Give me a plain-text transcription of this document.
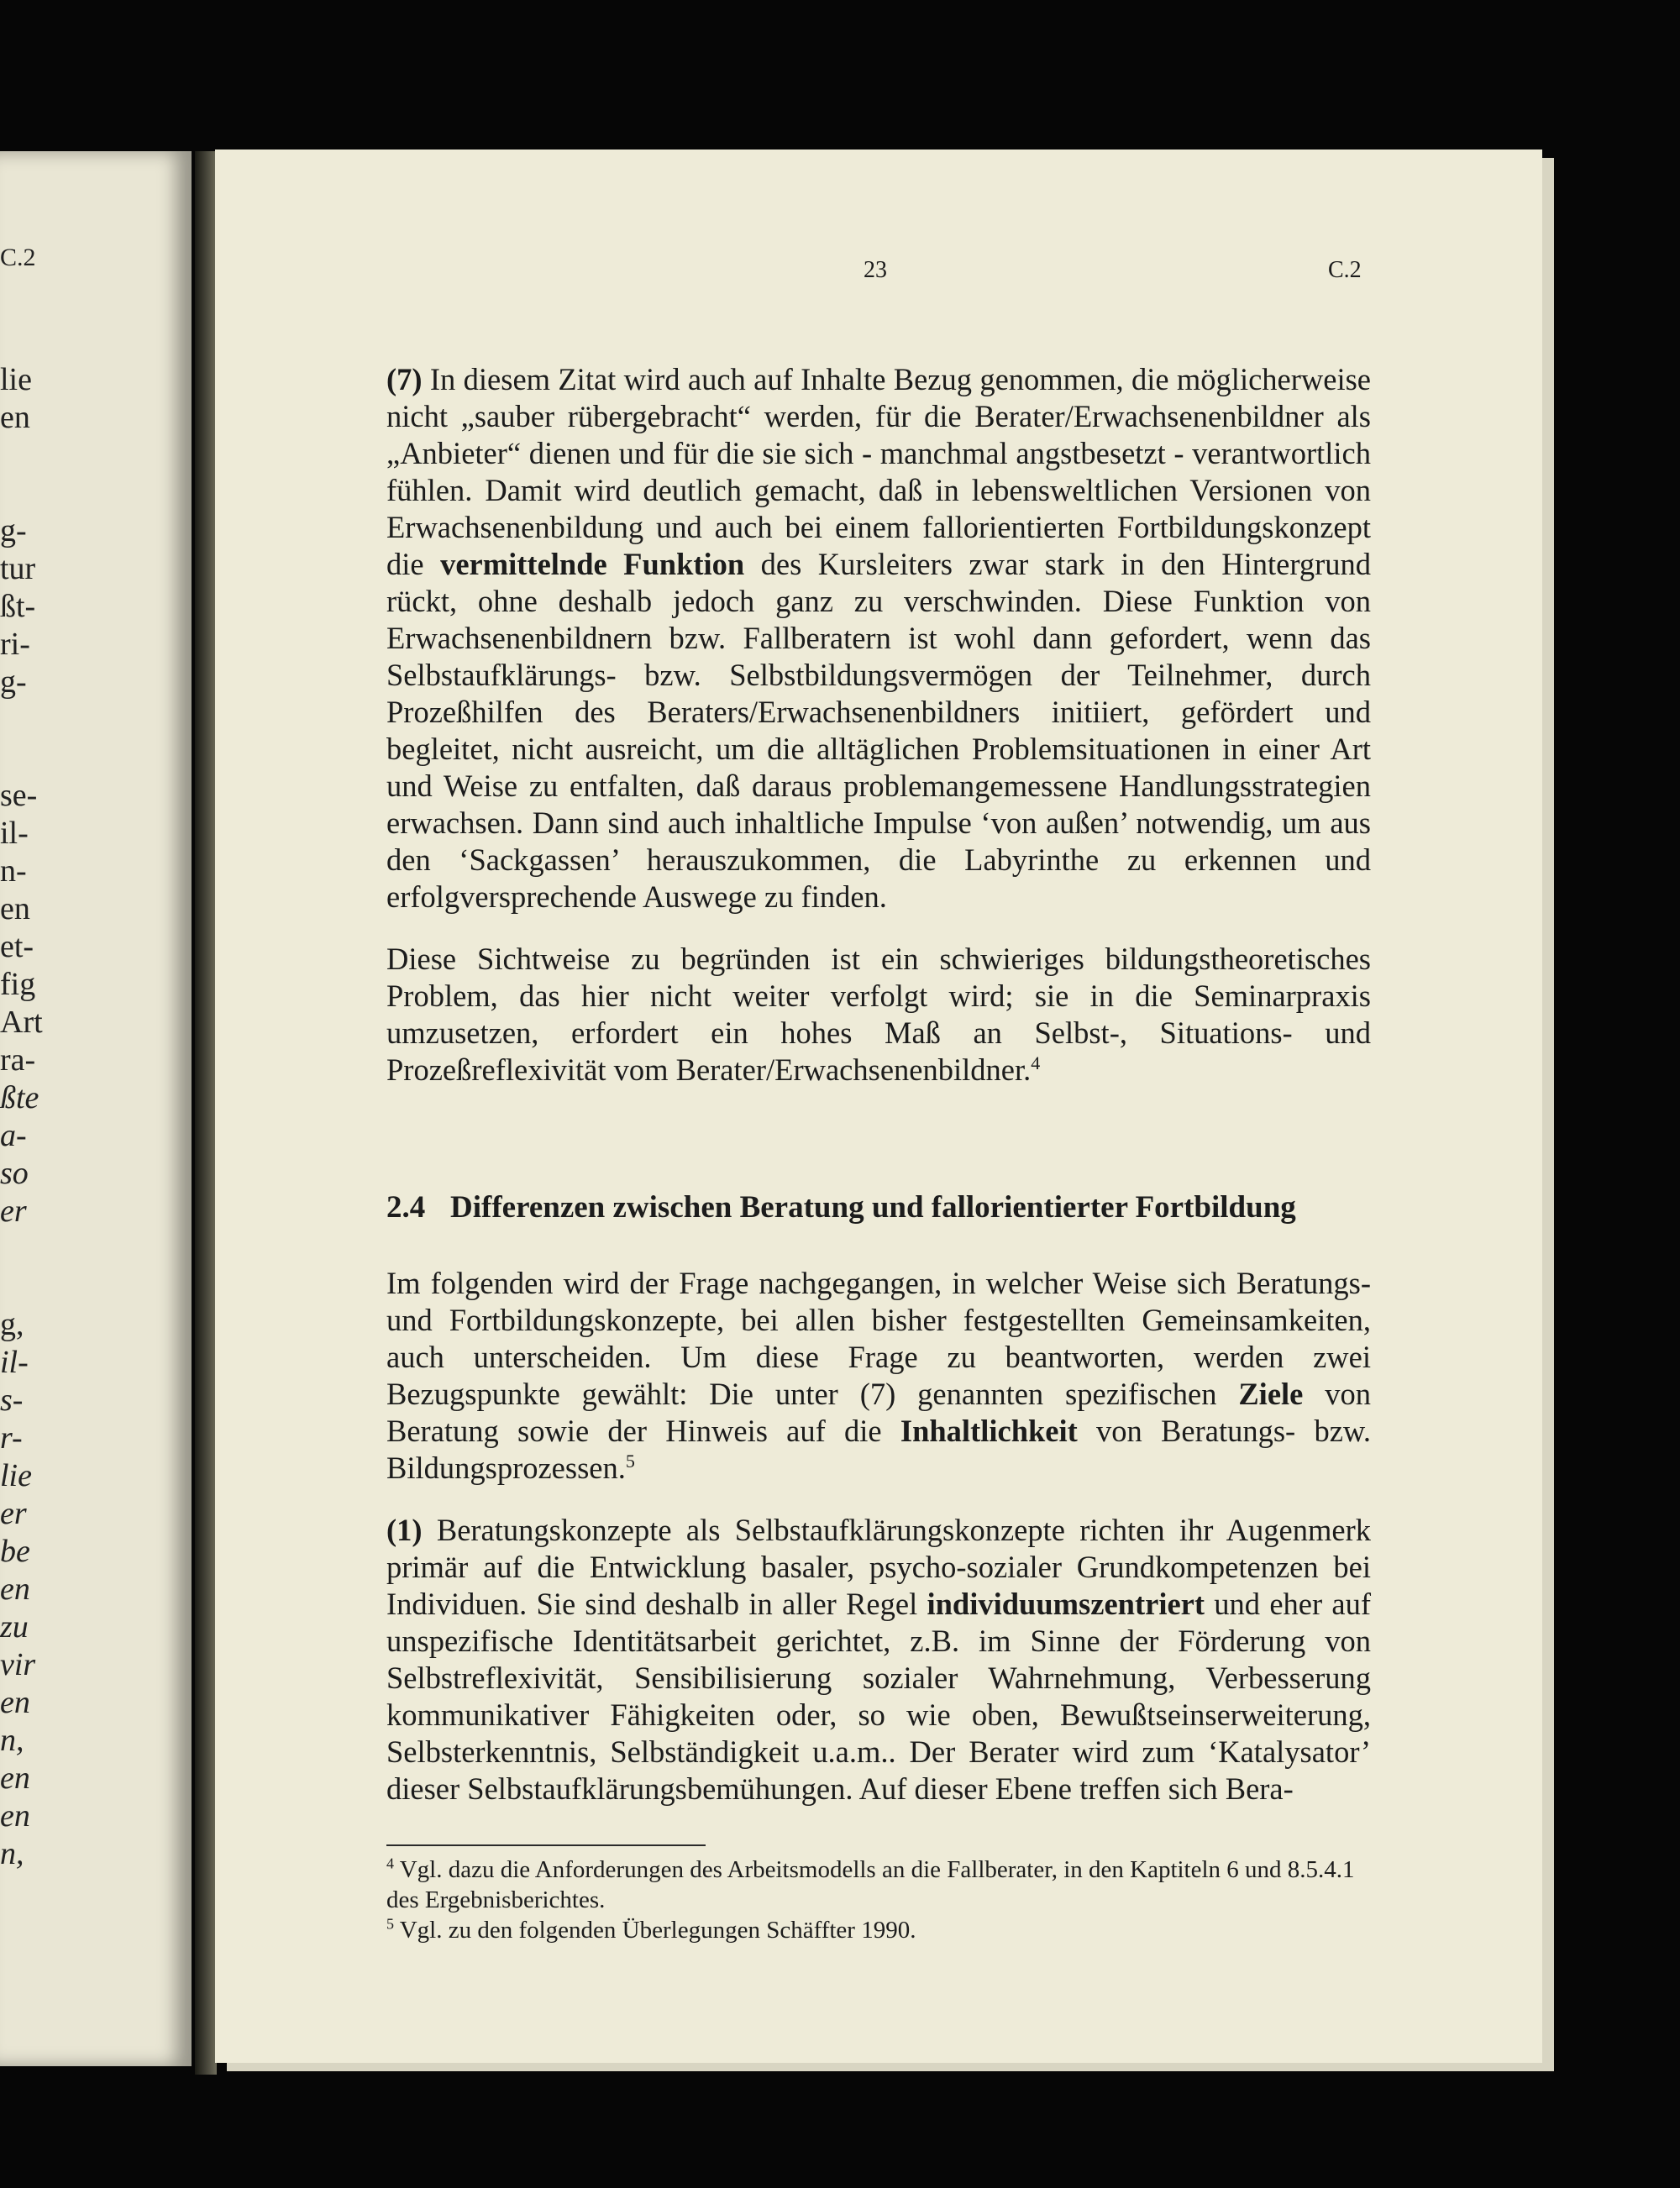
C.2
lie
en
g-
tur
ßt-
ri-
g-
se-
il-
n-
en
et-
fig
Art
ra-
ßte
a-
so
er
g,
il-
s-
r-
lie
er
be
en
zu
vir
en
n,
en
en
n,
23	C.2

(7) In diesem Zitat wird auch auf Inhalte Bezug genommen, die möglicherweise nicht „sauber rübergebracht“ werden, für die Berater/Erwachsenenbildner als „Anbieter“ dienen und für die sie sich - manchmal angstbesetzt - verantwortlich fühlen. Damit wird deutlich gemacht, daß in lebensweltlichen Versionen von Erwachsenenbildung und auch bei einem fallorientierten Fortbildungskonzept die vermittelnde Funktion des Kursleiters zwar stark in den Hintergrund rückt, ohne deshalb jedoch ganz zu verschwinden. Diese Funktion von Erwachsenenbildnern bzw. Fallberatern ist wohl dann gefordert, wenn das Selbstaufklärungs- bzw. Selbstbildungsvermögen der Teilnehmer, durch Prozeßhilfen des Beraters/Erwachsenenbildners initiiert, gefördert und begleitet, nicht ausreicht, um die alltäglichen Problemsituationen in einer Art und Weise zu entfalten, daß daraus problemangemessene Handlungsstrategien erwachsen. Dann sind auch inhaltliche Impulse ‘von außen’ notwendig, um aus den ‘Sackgassen’ herauszukommen, die Labyrinthe zu erkennen und erfolgversprechende Auswege zu finden.

Diese Sichtweise zu begründen ist ein schwieriges bildungstheoretisches Problem, das hier nicht weiter verfolgt wird; sie in die Seminarpraxis umzusetzen, erfordert ein hohes Maß an Selbst-, Situations- und Prozeßreflexivität vom Berater/Erwachsenenbildner.$^4$

2.4 Differenzen zwischen Beratung und fallorientierter Fortbildung

Im folgenden wird der Frage nachgegangen, in welcher Weise sich Beratungs- und Fortbildungskonzepte, bei allen bisher festgestellten Gemeinsamkeiten, auch unterscheiden. Um diese Frage zu beantworten, werden zwei Bezugspunkte gewählt: Die unter (7) genannten spezifischen Ziele von Beratung sowie der Hinweis auf die Inhaltlichkeit von Beratungs- bzw. Bildungsprozessen.$^5$

(1) Beratungskonzepte als Selbstaufklärungskonzepte richten ihr Augenmerk primär auf die Entwicklung basaler, psycho-sozialer Grundkompetenzen bei Individuen. Sie sind deshalb in aller Regel individuumszentriert und eher auf unspezifische Identitätsarbeit gerichtet, z.B. im Sinne der Förderung von Selbstreflexivität, Sensibilisierung sozialer Wahrnehmung, Verbesserung kommunikativer Fähigkeiten oder, so wie oben, Bewußtseinserweiterung, Selbsterkenntnis, Selbständigkeit u.a.m.. Der Berater wird zum ‘Katalysator’ dieser Selbstaufklärungsbemühungen. Auf dieser Ebene treffen sich Bera-

$^4$ Vgl. dazu die Anforderungen des Arbeitsmodells an die Fallberater, in den Kaptiteln 6 und 8.5.4.1 des Ergebnisberichtes.
$^5$ Vgl. zu den folgenden Überlegungen Schäffter 1990.
